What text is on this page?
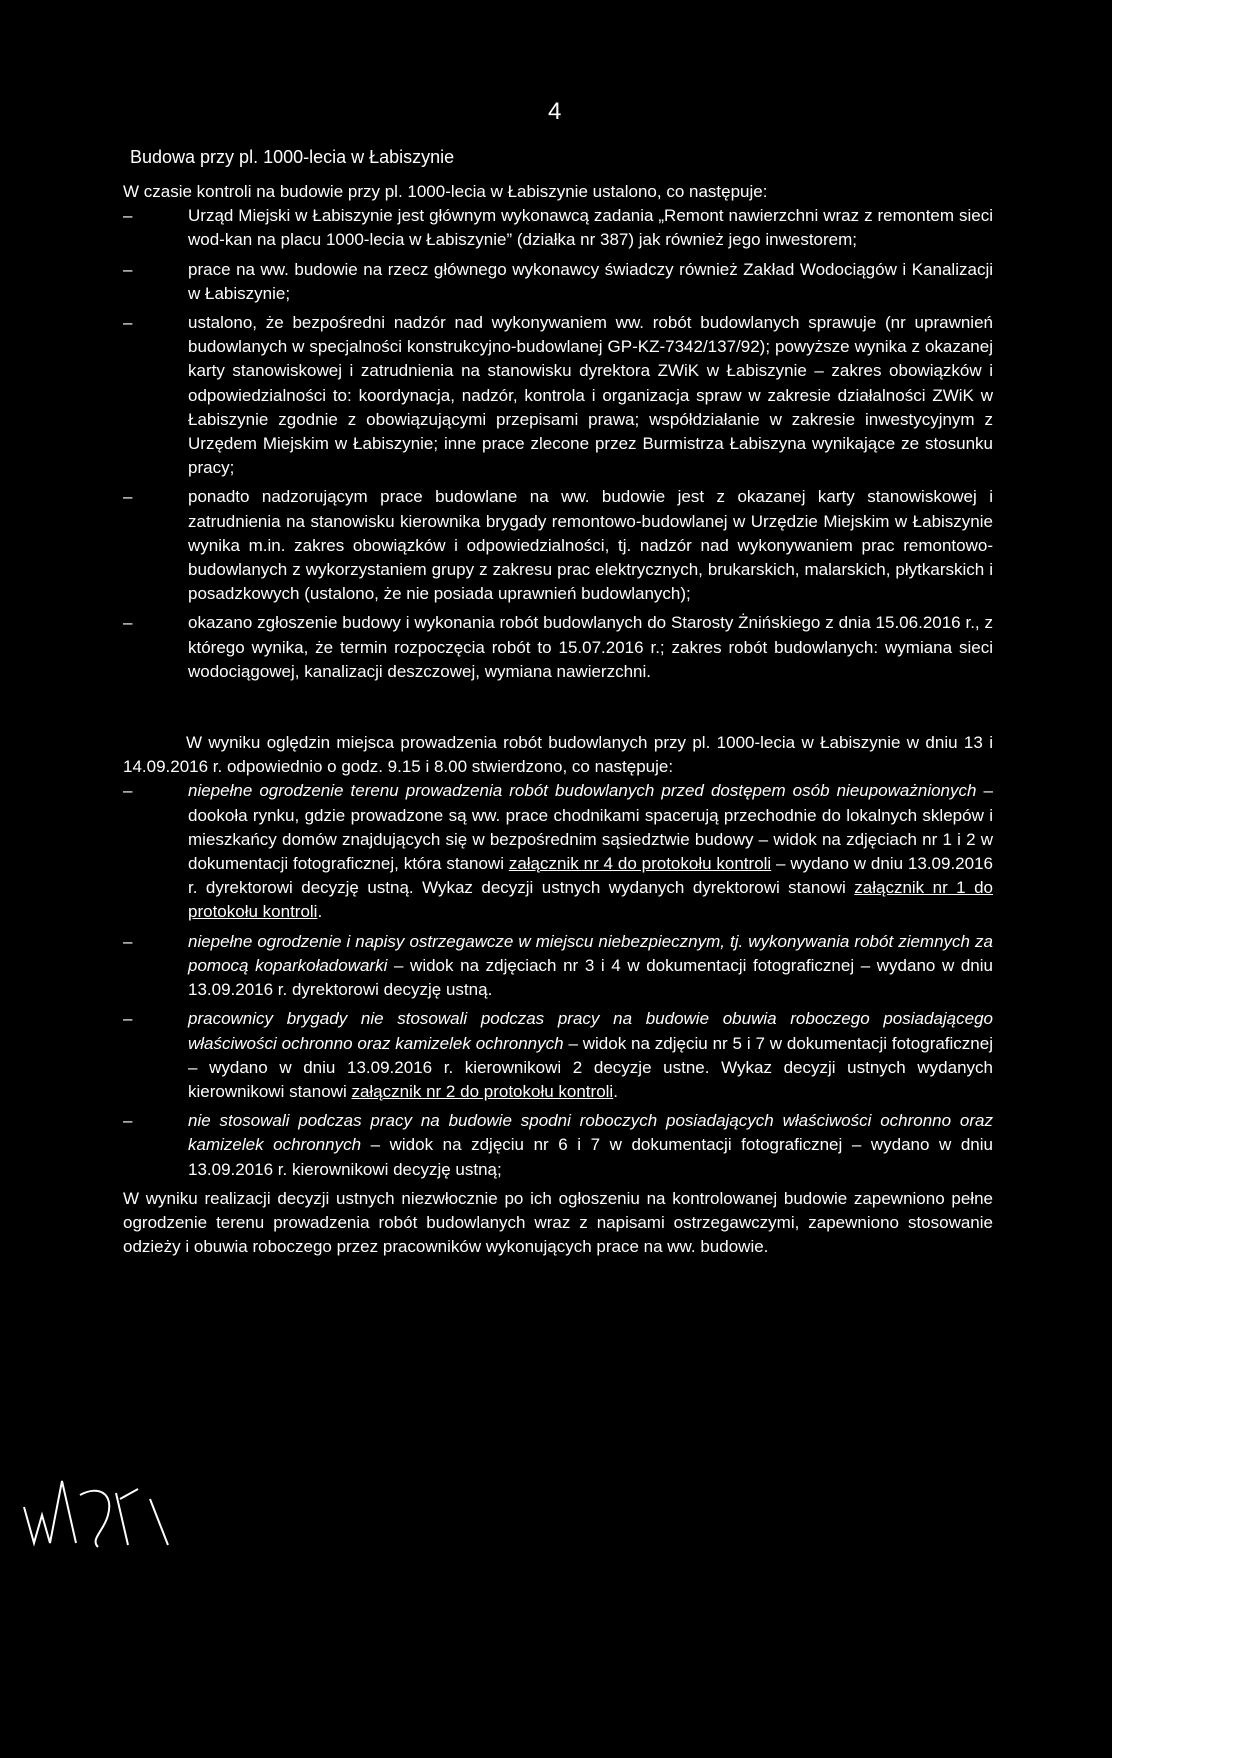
4
Budowa przy pl. 1000-lecia w Łabiszynie

W czasie kontroli na budowie przy pl. 1000-lecia w Łabiszynie ustalono, co następuje:

–	Urząd Miejski w Łabiszynie jest głównym wykonawcą zadania „Remont nawierzchni wraz z remontem sieci wod-kan na placu 1000-lecia w Łabiszynie” (działka nr 387) jak również jego inwestorem;
–	prace na ww. budowie na rzecz głównego wykonawcy świadczy również Zakład Wodociągów i Kanalizacji w Łabiszynie;
–	ustalono, że bezpośredni nadzór nad wykonywaniem ww. robót budowlanych sprawuje (nr uprawnień budowlanych w specjalności konstrukcyjno-budowlanej GP-KZ-7342/137/92); powyższe wynika z okazanej karty stanowiskowej i zatrudnienia na stanowisku dyrektora ZWiK w Łabiszynie – zakres obowiązków i odpowiedzialności to: koordynacja, nadzór, kontrola i organizacja spraw w zakresie działalności ZWiK w Łabiszynie zgodnie z obowiązującymi przepisami prawa; współdziałanie w zakresie inwestycyjnym z Urzędem Miejskim w Łabiszynie; inne prace zlecone przez Burmistrza Łabiszyna wynikające ze stosunku pracy;
–	ponadto nadzorującym prace budowlane na ww. budowie jest z okazanej karty stanowiskowej i zatrudnienia na stanowisku kierownika brygady remontowo-budowlanej w Urzędzie Miejskim w Łabiszynie wynika m.in. zakres obowiązków i odpowiedzialności, tj. nadzór nad wykonywaniem prac remontowo-budowlanych z wykorzystaniem grupy z zakresu prac elektrycznych, brukarskich, malarskich, płytkarskich i posadzkowych (ustalono, że nie posiada uprawnień budowlanych);
–	okazano zgłoszenie budowy i wykonania robót budowlanych do Starosty Żnińskiego z dnia 15.06.2016 r., z którego wynika, że termin rozpoczęcia robót to 15.07.2016 r.; zakres robót budowlanych: wymiana sieci wodociągowej, kanalizacji deszczowej, wymiana nawierzchni.

W wyniku oględzin miejsca prowadzenia robót budowlanych przy pl. 1000-lecia w Łabiszynie w dniu 13 i 14.09.2016 r. odpowiednio o godz. 9.15 i 8.00 stwierdzono, co następuje:

–	niepełne ogrodzenie terenu prowadzenia robót budowlanych przed dostępem osób nieupoważnionych – dookoła rynku, gdzie prowadzone są ww. prace chodnikami spacerują przechodnie do lokalnych sklepów i mieszkańcy domów znajdujących się w bezpośrednim sąsiedztwie budowy – widok na zdjęciach nr 1 i 2 w dokumentacji fotograficznej, która stanowi załącznik nr 4 do protokołu kontroli – wydano w dniu 13.09.2016 r. dyrektorowi decyzję ustną. Wykaz decyzji ustnych wydanych dyrektorowi stanowi załącznik nr 1 do protokołu kontroli.
–	niepełne ogrodzenie i napisy ostrzegawcze w miejscu niebezpiecznym, tj. wykonywania robót ziemnych za pomocą koparkoładowarki – widok na zdjęciach nr 3 i 4 w dokumentacji fotograficznej – wydano w dniu 13.09.2016 r. dyrektorowi decyzję ustną.
–	pracownicy brygady nie stosowali podczas pracy na budowie obuwia roboczego posiadającego właściwości ochronno oraz kamizelek ochronnych – widok na zdjęciu nr 5 i 7 w dokumentacji fotograficznej – wydano w dniu 13.09.2016 r. kierownikowi 2 decyzje ustne. Wykaz decyzji ustnych wydanych kierownikowi stanowi załącznik nr 2 do protokołu kontroli.
–	nie stosowali podczas pracy na budowie spodni roboczych posiadających właściwości ochronno oraz kamizelek ochronnych – widok na zdjęciu nr 6 i 7 w dokumentacji fotograficznej – wydano w dniu 13.09.2016 r. kierownikowi decyzję ustną;

W wyniku realizacji decyzji ustnych niezwłocznie po ich ogłoszeniu na kontrolowanej budowie zapewniono pełne ogrodzenie terenu prowadzenia robót budowlanych wraz z napisami ostrzegawczymi, zapewniono stosowanie odzieży i obuwia roboczego przez pracowników wykonujących prace na ww. budowie.
